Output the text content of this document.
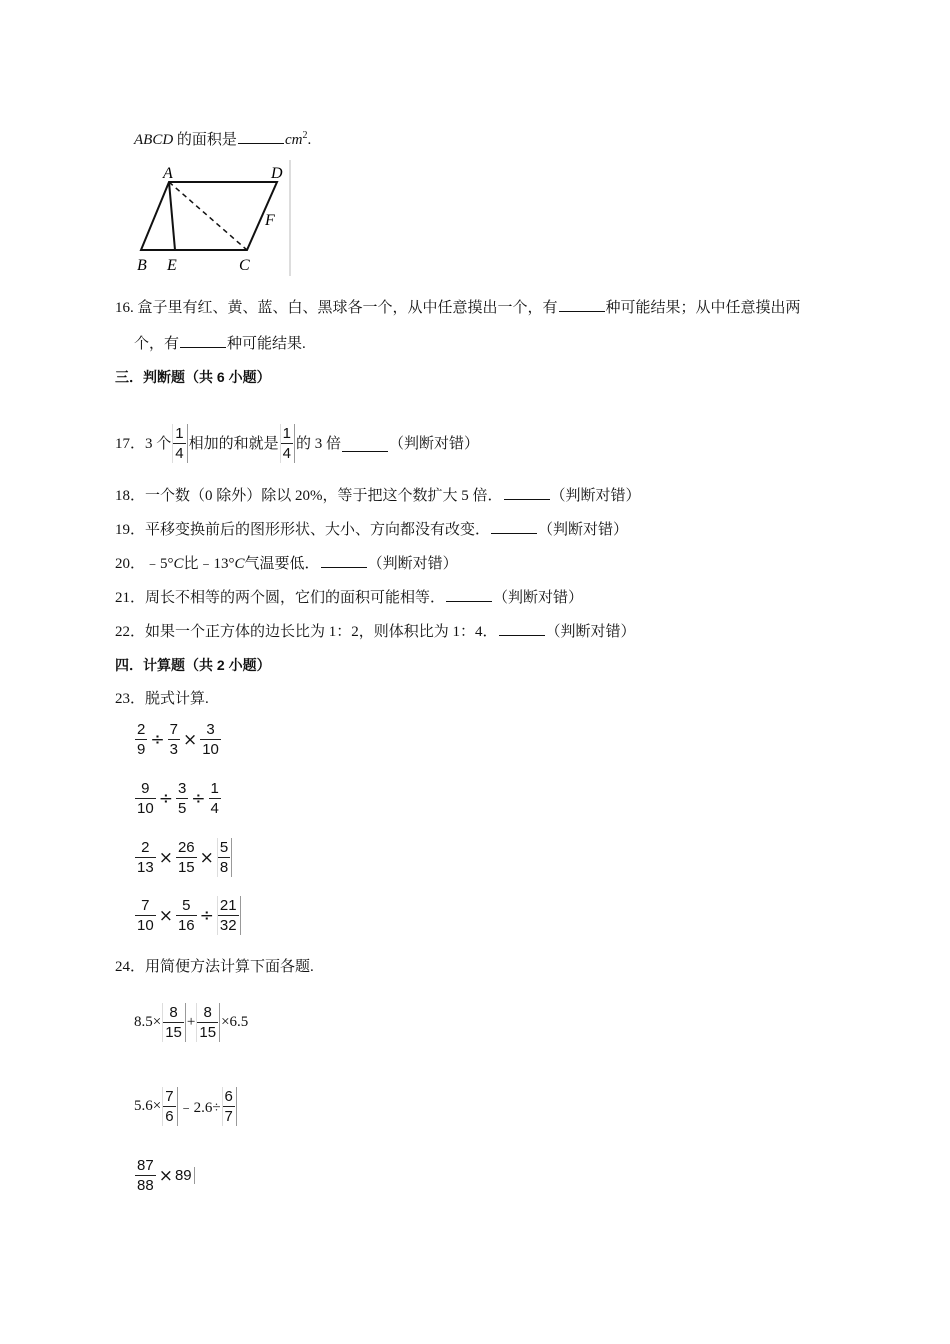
ABCD 的面积是	$cm^2$.
A	D
F
B E	C
16. 盒子里有红、黄、蓝、白、黑球各一个，从中任意摸出一个，有	种可能结果；从中任意摸出两
个，有	种可能结果.
三．判断题（共 6 小题）
17． 3 个 $\frac{1}{4}$ 相加的和就是 $\frac{1}{4}$ 的 3 倍	（判断对错）
18．一个数（0 除外）除以 20%，等于把这个数扩大 5 倍．	（判断对错）
19．平移变换前后的图形形状、大小、方向都没有改变．	（判断对错）
20．﹣5°C比﹣13°C气温要低．	（判断对错）
21．周长不相等的两个圆，它们的面积可能相等．	（判断对错）
22．如果一个正方体的边长比为 1：2，则体积比为 1：4．	（判断对错）
四．计算题（共 2 小题）
23．脱式计算.
$\frac{2}{9} \div \frac{7}{3} \times \frac{3}{10}$
$\frac{9}{10} \div \frac{3}{5} \div \frac{1}{4}$
$\frac{2}{13} \times \frac{26}{15} \times \frac{5}{8}$
$\frac{7}{10} \times \frac{5}{16} \div \frac{21}{32}$
24．用简便方法计算下面各题.
$8.5\times \frac{8}{15} + \frac{8}{15} \times 6.5$
$5.6\times \frac{7}{6}$ ﹣2.6÷ $\frac{6}{7}$
$\frac{87}{88} \times 89$
